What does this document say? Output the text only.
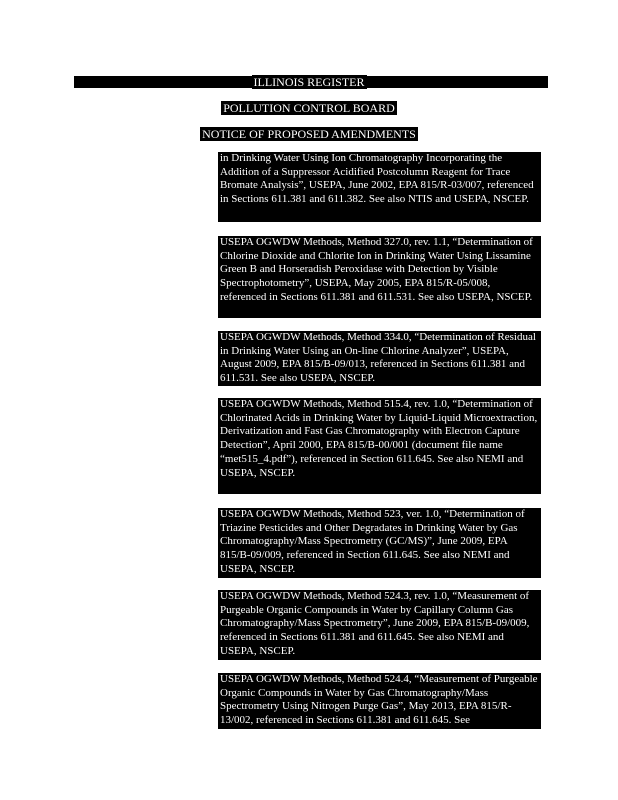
ILLINOIS REGISTER
POLLUTION CONTROL BOARD
NOTICE OF PROPOSED AMENDMENTS
in Drinking Water Using Ion Chromatography Incorporating the Addition of a Suppressor Acidified Postcolumn Reagent for Trace Bromate Analysis”, USEPA, June 2002, EPA 815/R-03/007, referenced in Sections 611.381 and 611.382. See also NTIS and USEPA, NSCEP.
USEPA OGWDW Methods, Method 327.0, rev. 1.1, “Determination of Chlorine Dioxide and Chlorite Ion in Drinking Water Using Lissamine Green B and Horseradish Peroxidase with Detection by Visible Spectrophotometry”, USEPA, May 2005, EPA 815/R-05/008, referenced in Sections 611.381 and 611.531. See also USEPA, NSCEP.
USEPA OGWDW Methods, Method 334.0, “Determination of Residual in Drinking Water Using an On-line Chlorine Analyzer”, USEPA, August 2009, EPA 815/B-09/013, referenced in Sections 611.381 and 611.531. See also USEPA, NSCEP.
USEPA OGWDW Methods, Method 515.4, rev. 1.0, “Determination of Chlorinated Acids in Drinking Water by Liquid-Liquid Microextraction, Derivatization and Fast Gas Chromatography with Electron Capture Detection”, April 2000, EPA 815/B-00/001 (document file name “met515_4.pdf”), referenced in Section 611.645. See also NEMI and USEPA, NSCEP.
USEPA OGWDW Methods, Method 523, ver. 1.0, “Determination of Triazine Pesticides and Other Degradates in Drinking Water by Gas Chromatography/Mass Spectrometry (GC/MS)”, June 2009, EPA 815/B-09/009, referenced in Section 611.645. See also NEMI and USEPA, NSCEP.
USEPA OGWDW Methods, Method 524.3, rev. 1.0, “Measurement of Purgeable Organic Compounds in Water by Capillary Column Gas Chromatography/Mass Spectrometry”, June 2009, EPA 815/B-09/009, referenced in Sections 611.381 and 611.645. See also NEMI and USEPA, NSCEP.
USEPA OGWDW Methods, Method 524.4, “Measurement of Purgeable Organic Compounds in Water by Gas Chromatography/Mass Spectrometry Using Nitrogen Purge Gas”, May 2013, EPA 815/R-13/002, referenced in Sections 611.381 and 611.645. See
